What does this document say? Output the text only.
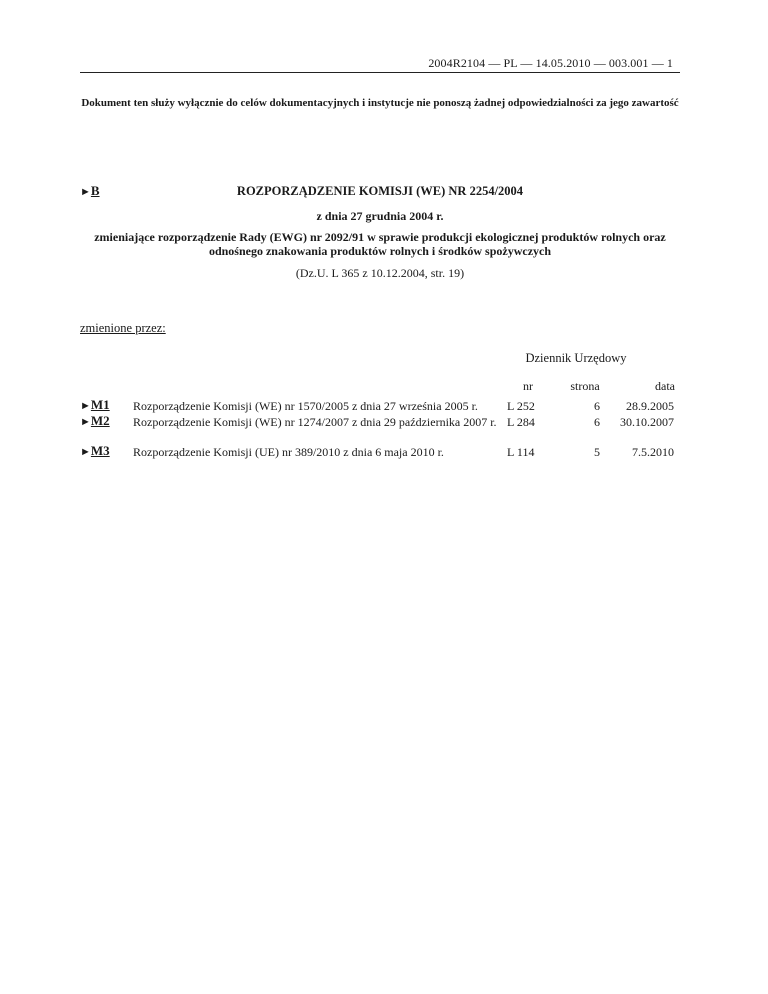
2004R2104 — PL — 14.05.2010 — 003.001 — 1
Dokument ten służy wyłącznie do celów dokumentacyjnych i instytucje nie ponoszą żadnej odpowiedzialności za jego zawartość
►B	ROZPORZĄDZENIE KOMISJI (WE) NR 2254/2004
z dnia 27 grudnia 2004 r.
zmieniające rozporządzenie Rady (EWG) nr 2092/91 w sprawie produkcji ekologicznej produktów rolnych oraz odnośnego znakowania produktów rolnych i środków spożywczych
(Dz.U. L 365 z 10.12.2004, str. 19)
zmienione przez:
Dziennik Urzędowy
nr	strona	data
►M1 Rozporządzenie Komisji (WE) nr 1570/2005 z dnia 27 września 2005 r.	L 252	6	28.9.2005
►M2 Rozporządzenie Komisji (WE) nr 1274/2007 z dnia 29 października 2007 r. L 284	6	30.10.2007
►M3 Rozporządzenie Komisji (UE) nr 389/2010 z dnia 6 maja 2010 r.	L 114	5	7.5.2010
